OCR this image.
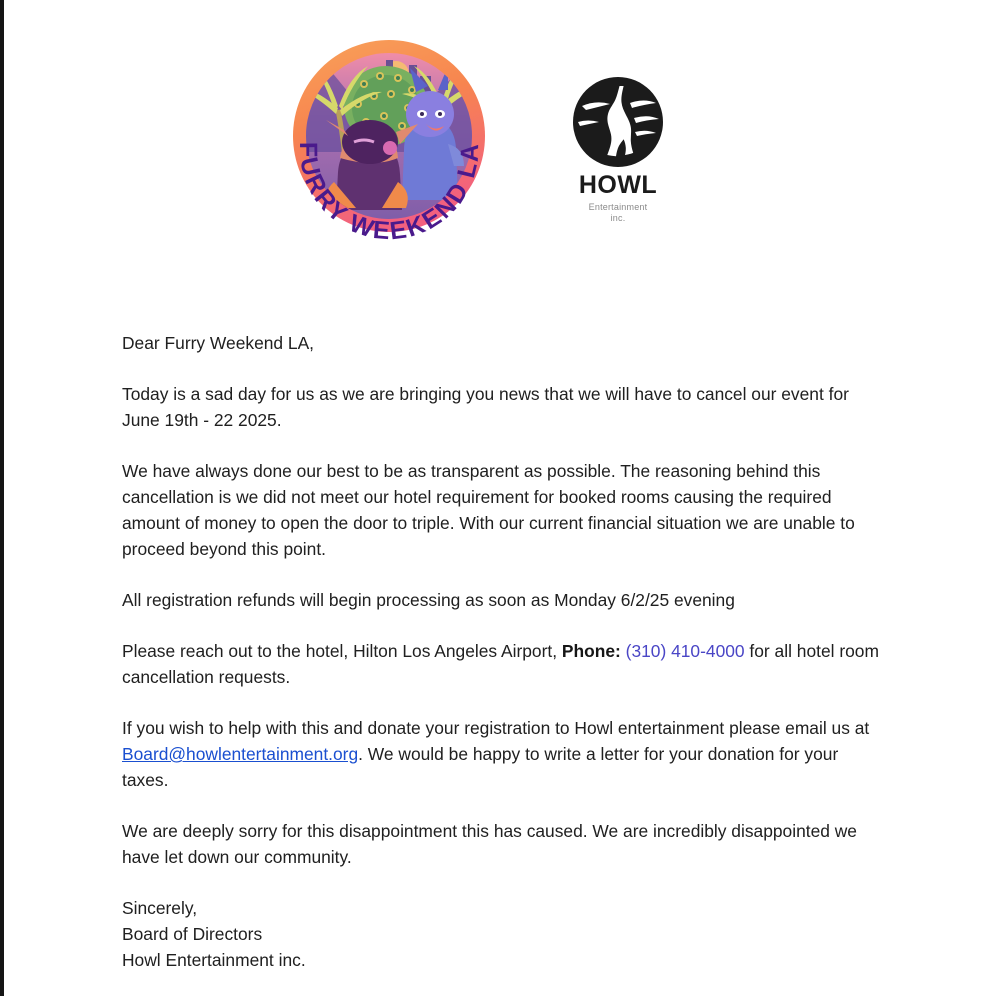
FURRY WEEKEND LA
HOWL
Entertainment
inc.

Dear Furry Weekend LA,

Today is a sad day for us as we are bringing you news that we will have to cancel our event for June 19th - 22 2025.

We have always done our best to be as transparent as possible. The reasoning behind this cancellation is we did not meet our hotel requirement for booked rooms causing the required amount of money to open the door to triple. With our current financial situation we are unable to proceed beyond this point.

All registration refunds will begin processing as soon as Monday 6/2/25 evening

Please reach out to the hotel, Hilton Los Angeles Airport, Phone: (310) 410-4000 for all hotel room cancellation requests.

If you wish to help with this and donate your registration to Howl entertainment please email us at Board@howlentertainment.org. We would be happy to write a letter for your donation for your taxes.

We are deeply sorry for this disappointment this has caused. We are incredibly disappointed we have let down our community.

Sincerely,
Board of Directors
Howl Entertainment inc.
